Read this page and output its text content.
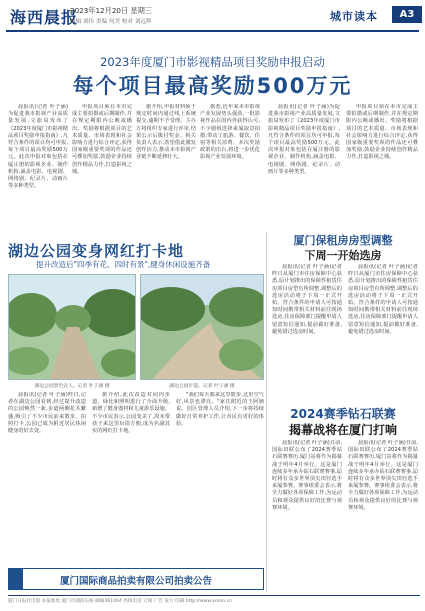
海西晨报
2023年12月20日 星期三
编辑 刘伟 美编 何美 校对 刘远辉	城市读本	A3
2023年度厦门市影视精品项目奖励申报启动
每个项目最高奖励500万元

晨报讯(记者 叶子涵)为促进我市影视产业高质量发展,文旅局发布了《2023年度厦门市影视精品项目奖励申报指南》,凡符合条件的项目均可申报,每个项目最高奖励500万元。此次申报对象包括在厦注册的影视企业、制作机构,涵盖电影、电视剧、网络剧、纪录片、动画片等多种类型。

申报项目须在本市完成主要拍摄或后期制作,并在规定期限内公映或播出。奖励将根据项目的艺术质量、市场表现和社会影响力进行综合评定,获得国家级重要奖项的作品还可叠加奖励,鼓励企业持续创作精品力作,打造影视之城。

据介绍,申报材料须于规定时间内通过线上系统提交,逾期不予受理。主办方将组织专家进行评审,结果公示后拨付奖金。相关负责人表示,希望借此激发创作活力,推动本市影视产业链不断延伸壮大。

据悉,近年来本市影视产业发展势头强劲,一批影视作品在国内外获得认可,不少剧组选择来厦取景拍摄,带动了旅游、餐饮、住宿等相关消费。本次奖励政策的出台,将进一步优化影视产业发展环境。

晨报讯(记者 叶子涵)为促进我市影视产业高质量发展,文旅局发布了《2023年度厦门市影视精品项目奖励申报指南》,凡符合条件的项目均可申报,每个项目最高奖励500万元。此次申报对象包括在厦注册的影视企业、制作机构,涵盖电影、电视剧、网络剧、纪录片、动画片等多种类型。

申报项目须在本市完成主要拍摄或后期制作,并在规定期限内公映或播出。奖励将根据项目的艺术质量、市场表现和社会影响力进行综合评定,获得国家级重要奖项的作品还可叠加奖励,鼓励企业持续创作精品力作,打造影视之城。

湖边公园变身网红打卡地
提升改造后"四季有花、四时有景",健身休闲设施齐备
湖边公园景色宜人。记者 叶子涵 摄	湖边公园步道。记者 叶子涵 摄

晨报讯(记者 叶子涵)昨日,记者在湖边公园看到,经过提升改造的公园焕然一新,步道两侧花木繁盛,吸引了不少市民前来散步、拍照打卡,公园已成为附近居民休闲健身的好去处。

据介绍,此次改造对园内步道、绿化和照明进行了全面升级,新增了健身器材和儿童游乐设施。不少市民表示,公园变美了,周末带孩子来这里玩很方便,成为名副其实的网红打卡地。

"我们每天都来这里散步,这里空气好,风景也漂亮。"家住附近的王阿姨说。园区管理人员介绍,下一步将持续做好日常养护工作,让市民有更好的体验。

厦门国际商品拍卖有限公司拍卖公告
厦门保租房房型调整
下周一开始选房

晨报讯(记者 叶子涵)记者昨日从厦门市住房保障中心获悉,原计划推出的保障性租赁住房项目房型有所调整,调整后的选房活动将于下周一正式开始。符合条件的申请人可按通知时间携带相关材料前往现场选房,住房保障部门提醒申请人留意短信通知,提前做好准备,避免错过选房时间。

晨报讯(记者 叶子涵)记者昨日从厦门市住房保障中心获悉,原计划推出的保障性租赁住房项目房型有所调整,调整后的选房活动将于下周一正式开始。符合条件的申请人可按通知时间携带相关材料前往现场选房,住房保障部门提醒申请人留意短信通知,提前做好准备,避免错过选房时间。

2024赛季钻石联赛
揭幕战将在厦门打响

晨报讯(记者 叶子涵)日前,国际田联公布了2024赛季钻石联赛赛历,厦门站将作为揭幕战于明年4月举行。这是厦门连续多年承办钻石联赛赛事,届时将有众多世界顶尖田径选手来厦参赛。赛事组委会表示,将全力做好各项保障工作,为运动员和观众提供良好的比赛与观赛环境。

晨报讯(记者 叶子涵)日前,国际田联公布了2024赛季钻石联赛赛历,厦门站将作为揭幕战于明年4月举行。这是厦门连续多年承办钻石联赛赛事,届时将有众多世界顶尖田径选手来厦参赛。赛事组委会表示,将全力做好各项保障工作,为运动员和观众提供良好的比赛与观赛环境。

厦门日报社出版 本报地址:厦门市湖滨东路 邮编361004 热线电话 订阅 广告 发行 印刷 http://www.xmnn.cn
